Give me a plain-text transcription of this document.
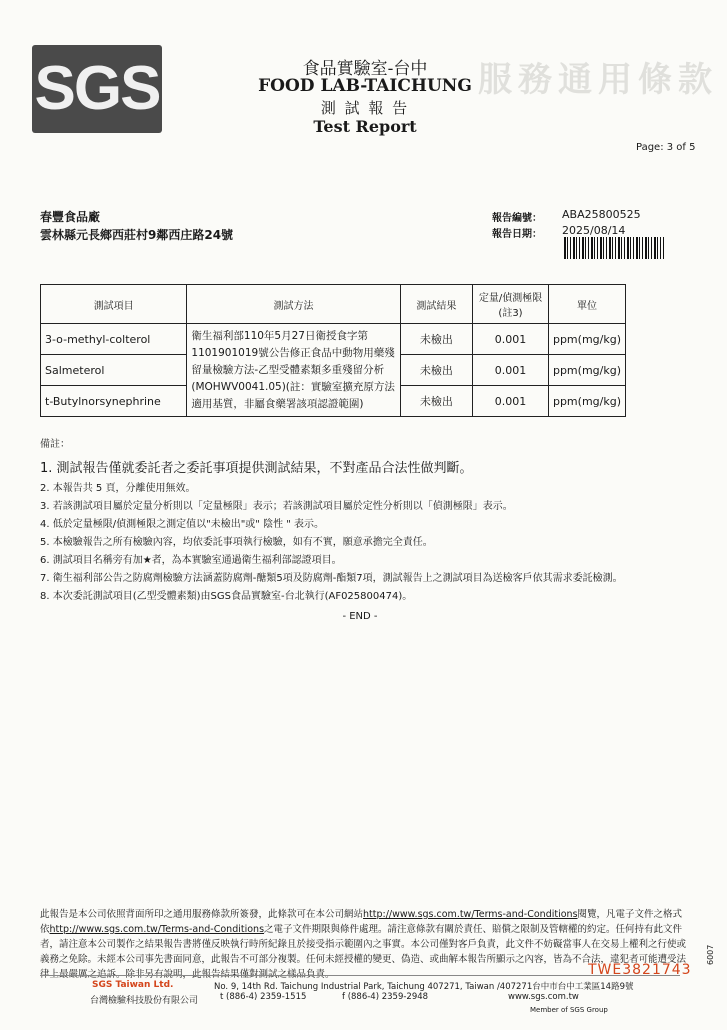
服務通用條款
SGS	食品實驗室-台中
FOOD LAB-TAICHUNG
測 試 報 告
Test Report
Page: 3 of 5
春豐食品廠
雲林縣元長鄉西莊村9鄰西庄路24號
報告編號： ABA25800525
報告日期： 2025/08/14
測試項目	測試方法	測試結果	定量/偵測極限(註3)	單位
3-o-methyl-colterol	衛生福利部110年5月27日衛授食字第1101901019號公告修正食品中動物用藥殘留量檢驗方法-乙型受體素類多重殘留分析(MOHWV0041.05)(註：實驗室擴充原方法適用基質，非屬食藥署該項認證範圍)	未檢出	0.001	ppm(mg/kg)
Salmeterol		未檢出	0.001	ppm(mg/kg)
t-Butylnorsynephrine		未檢出	0.001	ppm(mg/kg)
備註：
1. 測試報告僅就委託者之委託事項提供測試結果，不對產品合法性做判斷。
2. 本報告共 5 頁，分離使用無效。
3. 若該測試項目屬於定量分析則以「定量極限」表示；若該測試項目屬於定性分析則以「偵測極限」表示。
4. 低於定量極限/偵測極限之測定值以"未檢出"或" 陰性 " 表示。
5. 本檢驗報告之所有檢驗內容，均依委託事項執行檢驗，如有不實，願意承擔完全責任。
6. 測試項目名稱旁有加★者，為本實驗室通過衛生福利部認證項目。
7. 衛生福利部公告之防腐劑檢驗方法涵蓋防腐劑-醣類5項及防腐劑-酯類7項，測試報告上之測試項目為送檢客戶依其需求委託檢測。
8. 本次委託測試項目(乙型受體素類)由SGS食品實驗室-台北執行(AF025800474)。
- END -
此報告是本公司依照背面所印之通用服務條款所簽發，此條款可在本公司網站http://www.sgs.com.tw/Terms-and-Conditions閱覽，凡電子文件之格式依http://www.sgs.com.tw/Terms-and-Conditions之電子文件期限與條件處理。請注意條款有關於責任、賠償之限制及管轄權的約定。任何持有此文件者，請注意本公司製作之結果報告書將僅反映執行時所紀錄且於接受指示範圍內之事實。本公司僅對客戶負責，此文件不妨礙當事人在交易上權利之行使或義務之免除。未經本公司事先書面同意，此報告不可部分複製。任何未經授權的變更、偽造、或曲解本報告所顯示之內容，皆為不合法，違犯者可能遭受法律上最嚴厲之追訴。除非另有說明，此報告結果僅對測試之樣品負責。
SGS Taiwan Ltd.
台灣檢驗科技股份有限公司
No. 9, 14th Rd. Taichung Industrial Park, Taichung 407271, Taiwan /407271台中市台中工業區14路9號
t (886-4) 2359-1515	f (886-4) 2359-2948	www.sgs.com.tw
Member of SGS Group
TWE3821743
6007
